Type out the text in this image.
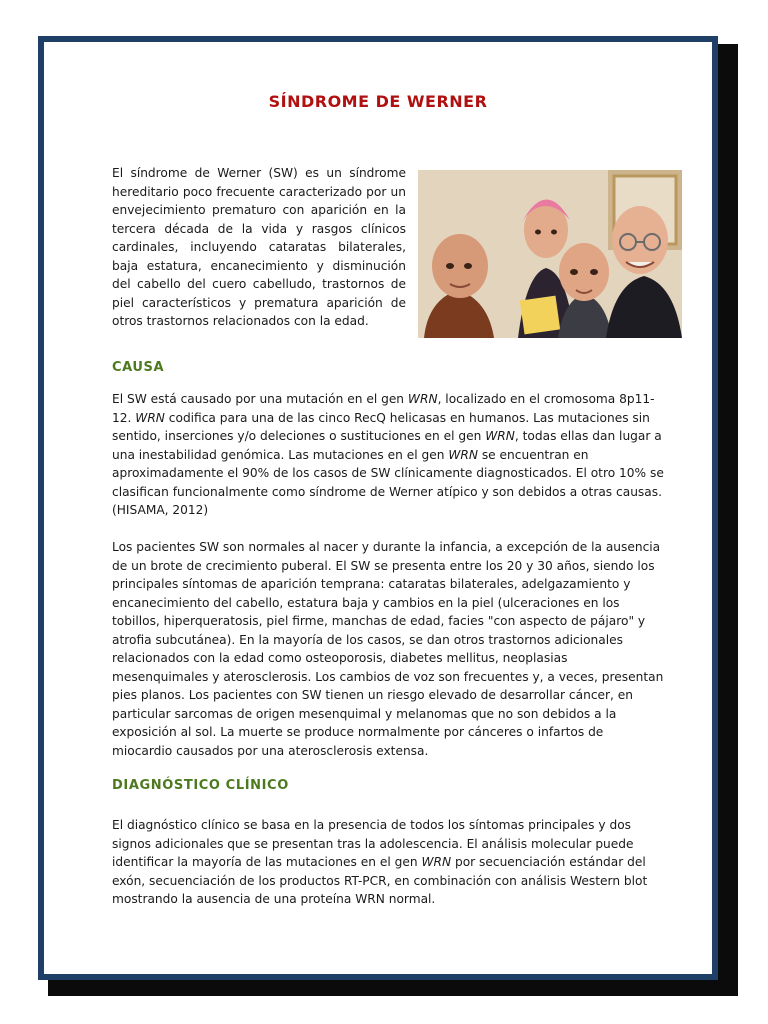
SÍNDROME DE WERNER
El síndrome de Werner (SW) es un síndrome hereditario poco frecuente caracterizado por un envejecimiento prematuro con aparición en la tercera década de la vida y rasgos clínicos cardinales, incluyendo cataratas bilaterales, baja estatura, encanecimiento y disminución del cabello del cuero cabelludo, trastornos de piel característicos y prematura aparición de otros trastornos relacionados con la edad.
CAUSA
El SW está causado por una mutación en el gen WRN, localizado en el cromosoma 8p11-12. WRN codifica para una de las cinco RecQ helicasas en humanos. Las mutaciones sin sentido, inserciones y/o deleciones o sustituciones en el gen WRN, todas ellas dan lugar a una inestabilidad genómica. Las mutaciones en el gen WRN se encuentran en aproximadamente el 90% de los casos de SW clínicamente diagnosticados. El otro 10% se clasifican funcionalmente como síndrome de Werner atípico y son debidos a otras causas. (HISAMA, 2012)
Los pacientes SW son normales al nacer y durante la infancia, a excepción de la ausencia de un brote de crecimiento puberal. El SW se presenta entre los 20 y 30 años, siendo los principales síntomas de aparición temprana: cataratas bilaterales, adelgazamiento y encanecimiento del cabello, estatura baja y cambios en la piel (ulceraciones en los tobillos, hiperqueratosis, piel firme, manchas de edad, facies "con aspecto de pájaro" y atrofia subcutánea). En la mayoría de los casos, se dan otros trastornos adicionales relacionados con la edad como osteoporosis, diabetes mellitus, neoplasias mesenquimales y aterosclerosis. Los cambios de voz son frecuentes y, a veces, presentan pies planos. Los pacientes con SW tienen un riesgo elevado de desarrollar cáncer, en particular sarcomas de origen mesenquimal y melanomas que no son debidos a la exposición al sol. La muerte se produce normalmente por cánceres o infartos de miocardio causados por una aterosclerosis extensa.
DIAGNÓSTICO CLÍNICO
El diagnóstico clínico se basa en la presencia de todos los síntomas principales y dos signos adicionales que se presentan tras la adolescencia. El análisis molecular puede identificar la mayoría de las mutaciones en el gen WRN por secuenciación estándar del exón, secuenciación de los productos RT-PCR, en combinación con análisis Western blot mostrando la ausencia de una proteína WRN normal.
